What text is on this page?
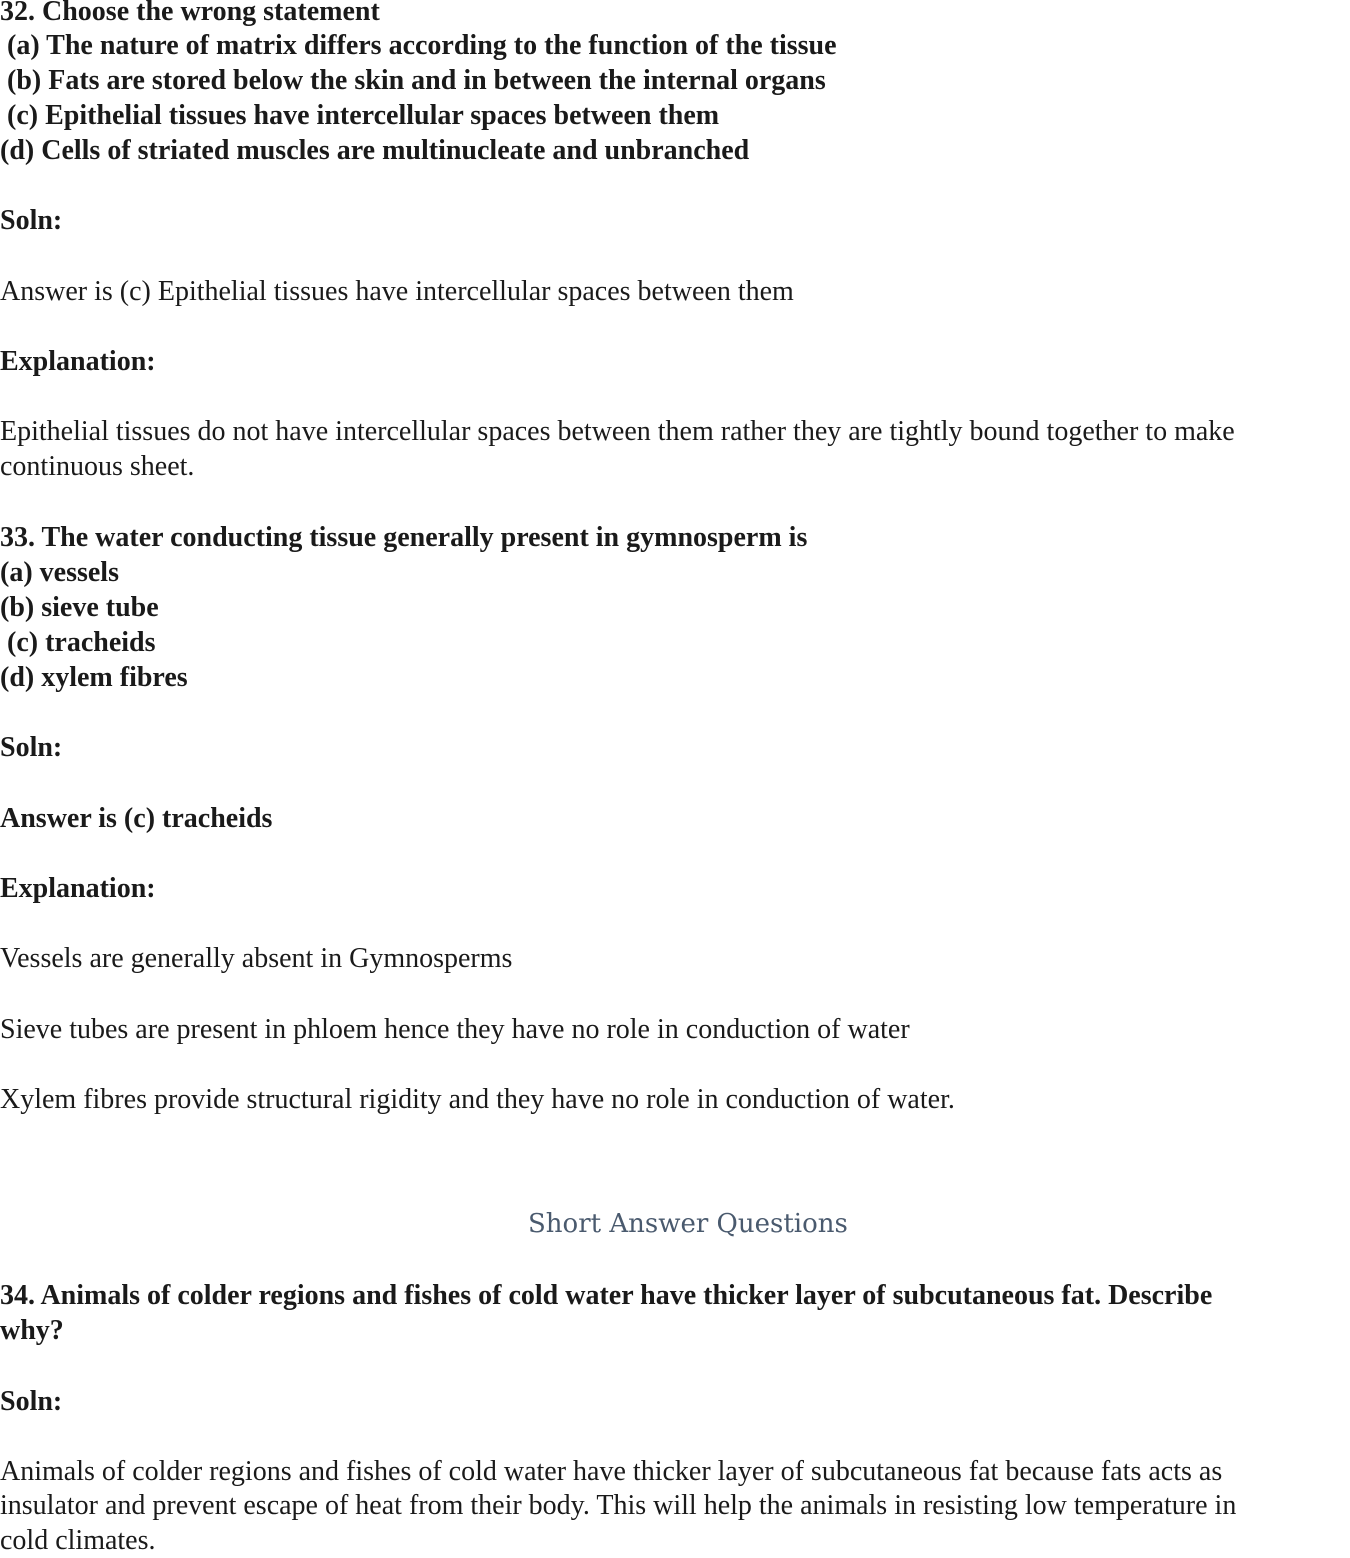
32. Choose the wrong statement
(a) The nature of matrix differs according to the function of the tissue
(b) Fats are stored below the skin and in between the internal organs
(c) Epithelial tissues have intercellular spaces between them
(d) Cells of striated muscles are multinucleate and unbranched
Soln:
Answer is (c) Epithelial tissues have intercellular spaces between them
Explanation:
Epithelial tissues do not have intercellular spaces between them rather they are tightly bound together to make
continuous sheet.
33. The water conducting tissue generally present in gymnosperm is
(a) vessels
(b) sieve tube
(c) tracheids
(d) xylem fibres
Soln:
Answer is (c) tracheids
Explanation:
Vessels are generally absent in Gymnosperms
Sieve tubes are present in phloem hence they have no role in conduction of water
Xylem fibres provide structural rigidity and they have no role in conduction of water.
Short Answer Questions
34. Animals of colder regions and fishes of cold water have thicker layer of subcutaneous fat. Describe
why?
Soln:
Animals of colder regions and fishes of cold water have thicker layer of subcutaneous fat because fats acts as
insulator and prevent escape of heat from their body. This will help the animals in resisting low temperature in
cold climates.
